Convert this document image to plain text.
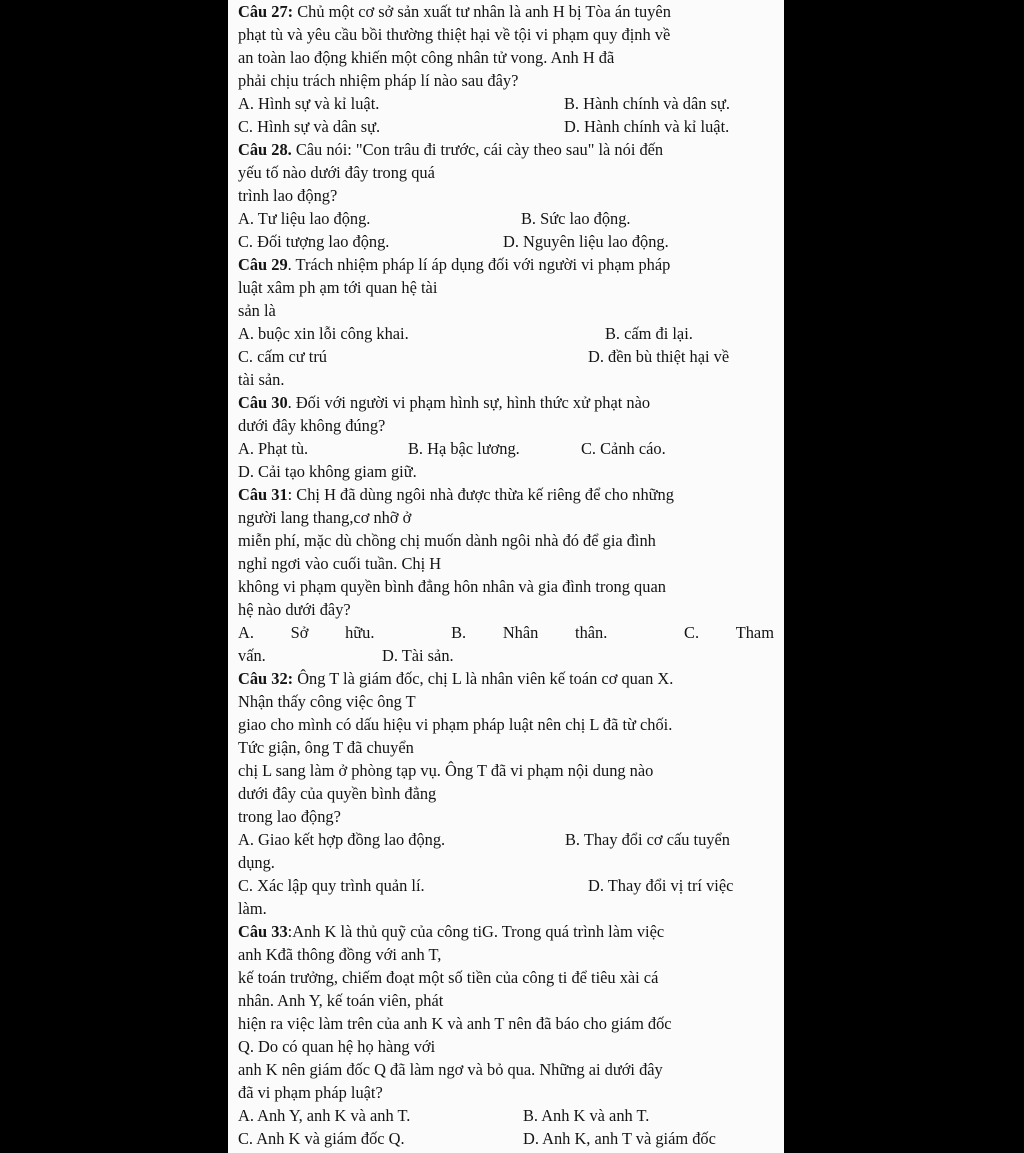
Câu 27: Chủ một cơ sở sản xuất tư nhân là anh H bị Tòa án tuyên
phạt tù và yêu cầu bồi thường thiệt hại về tội vi phạm quy định về
an toàn lao động khiến một công nhân tử vong. Anh H đã
phải chịu trách nhiệm pháp lí nào sau đây?
A. Hình sự và kỉ luật.	B. Hành chính và dân sự.
C. Hình sự và dân sự.	D. Hành chính và kỉ luật.
Câu 28. Câu nói: "Con trâu đi trước, cái cày theo sau" là nói đến
yếu tố nào dưới đây trong quá
trình lao động?
A. Tư liệu lao động.	B. Sức lao động.
C. Đối tượng lao động.	D. Nguyên liệu lao động.
Câu 29. Trách nhiệm pháp lí áp dụng đối với người vi phạm pháp
luật xâm ph ạm tới quan hệ tài
sản là
A. buộc xin lỗi công khai.	B. cấm đi lại.
C. cấm cư trú	D. đền bù thiệt hại về
tài sản.
Câu 30. Đối với người vi phạm hình sự, hình thức xử phạt nào
dưới đây không đúng?
A. Phạt tù.	B. Hạ bậc lương.	C. Cảnh cáo.
D. Cải tạo không giam giữ.
Câu 31: Chị H đã dùng ngôi nhà được thừa kế riêng để cho những
người lang thang,cơ nhỡ ở
miễn phí, mặc dù chồng chị muốn dành ngôi nhà đó để gia đình
nghỉ ngơi vào cuối tuần. Chị H
không vi phạm quyền bình đẳng hôn nhân và gia đình trong quan
hệ nào dưới đây?
A. Sở hữu.	B. Nhân thân.	C. Tham
vấn.	D. Tài sản.
Câu 32: Ông T là giám đốc, chị L là nhân viên kế toán cơ quan X.
Nhận thấy công việc ông T
giao cho mình có dấu hiệu vi phạm pháp luật nên chị L đã từ chối.
Tức giận, ông T đã chuyển
chị L sang làm ở phòng tạp vụ. Ông T đã vi phạm nội dung nào
dưới đây của quyền bình đẳng
trong lao động?
A. Giao kết hợp đồng lao động.	B. Thay đổi cơ cấu tuyển
dụng.
C. Xác lập quy trình quản lí.	D. Thay đổi vị trí việc
làm.
Câu 33:Anh K là thủ quỹ của công tiG. Trong quá trình làm việc
anh Kđã thông đồng với anh T,
kế toán trưởng, chiếm đoạt một số tiền của công ti để tiêu xài cá
nhân. Anh Y, kế toán viên, phát
hiện ra việc làm trên của anh K và anh T nên đã báo cho giám đốc
Q. Do có quan hệ họ hàng với
anh K nên giám đốc Q đã làm ngơ và bỏ qua. Những ai dưới đây
đã vi phạm pháp luật?
A. Anh Y, anh K và anh T.	B. Anh K và anh T.
C. Anh K và giám đốc Q.	D. Anh K, anh T và giám đốc
